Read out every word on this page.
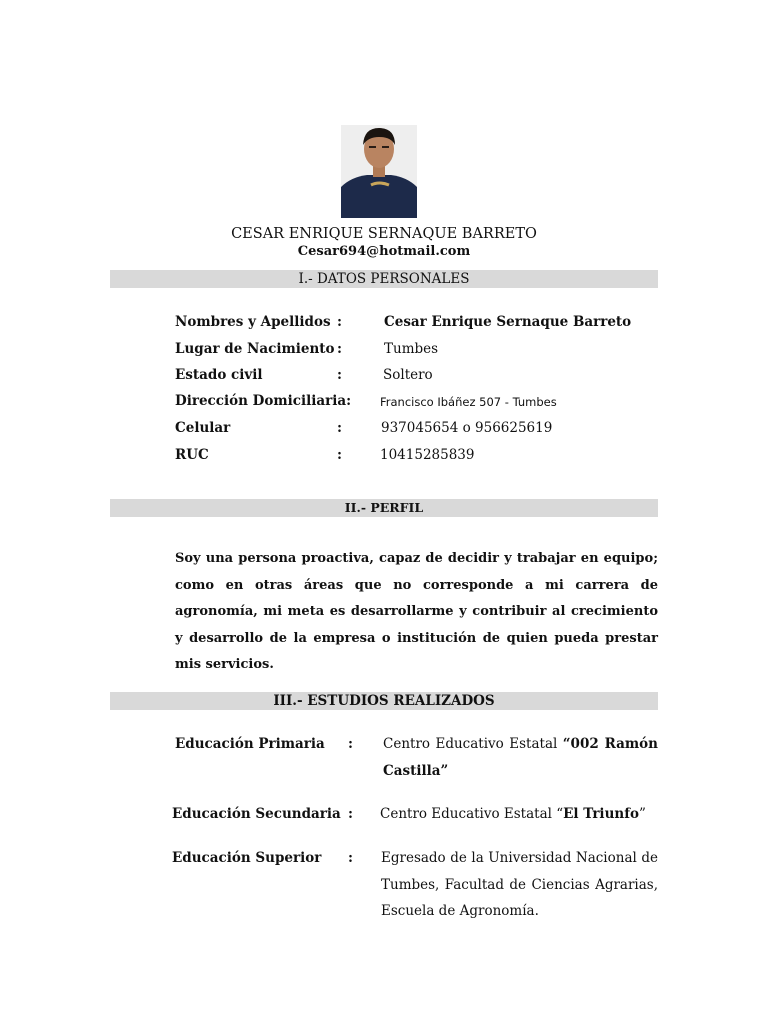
CESAR ENRIQUE SERNAQUE BARRETO
Cesar694@hotmail.com
I.- DATOS PERSONALES
Nombres y Apellidos :	Cesar Enrique Sernaque Barreto
Lugar de Nacimiento :	Tumbes
Estado civil	:	Soltero
Dirección Domiciliaria:	Francisco Ibáñez 507 - Tumbes
Celular	:	937045654 o 956625619
RUC	:	10415285839
II.- PERFIL
Soy una persona proactiva, capaz de decidir y trabajar en equipo; como en otras áreas que no corresponde a mi carrera de agronomía, mi meta es desarrollarme y contribuir al crecimiento y desarrollo de la empresa o institución de quien pueda prestar mis servicios.
III.- ESTUDIOS REALIZADOS
Educación Primaria : Centro Educativo Estatal “002 Ramón Castilla”
Educación Secundaria : Centro Educativo Estatal “El Triunfo”
Educación Superior : Egresado de la Universidad Nacional de Tumbes, Facultad de Ciencias Agrarias, Escuela de Agronomía.
